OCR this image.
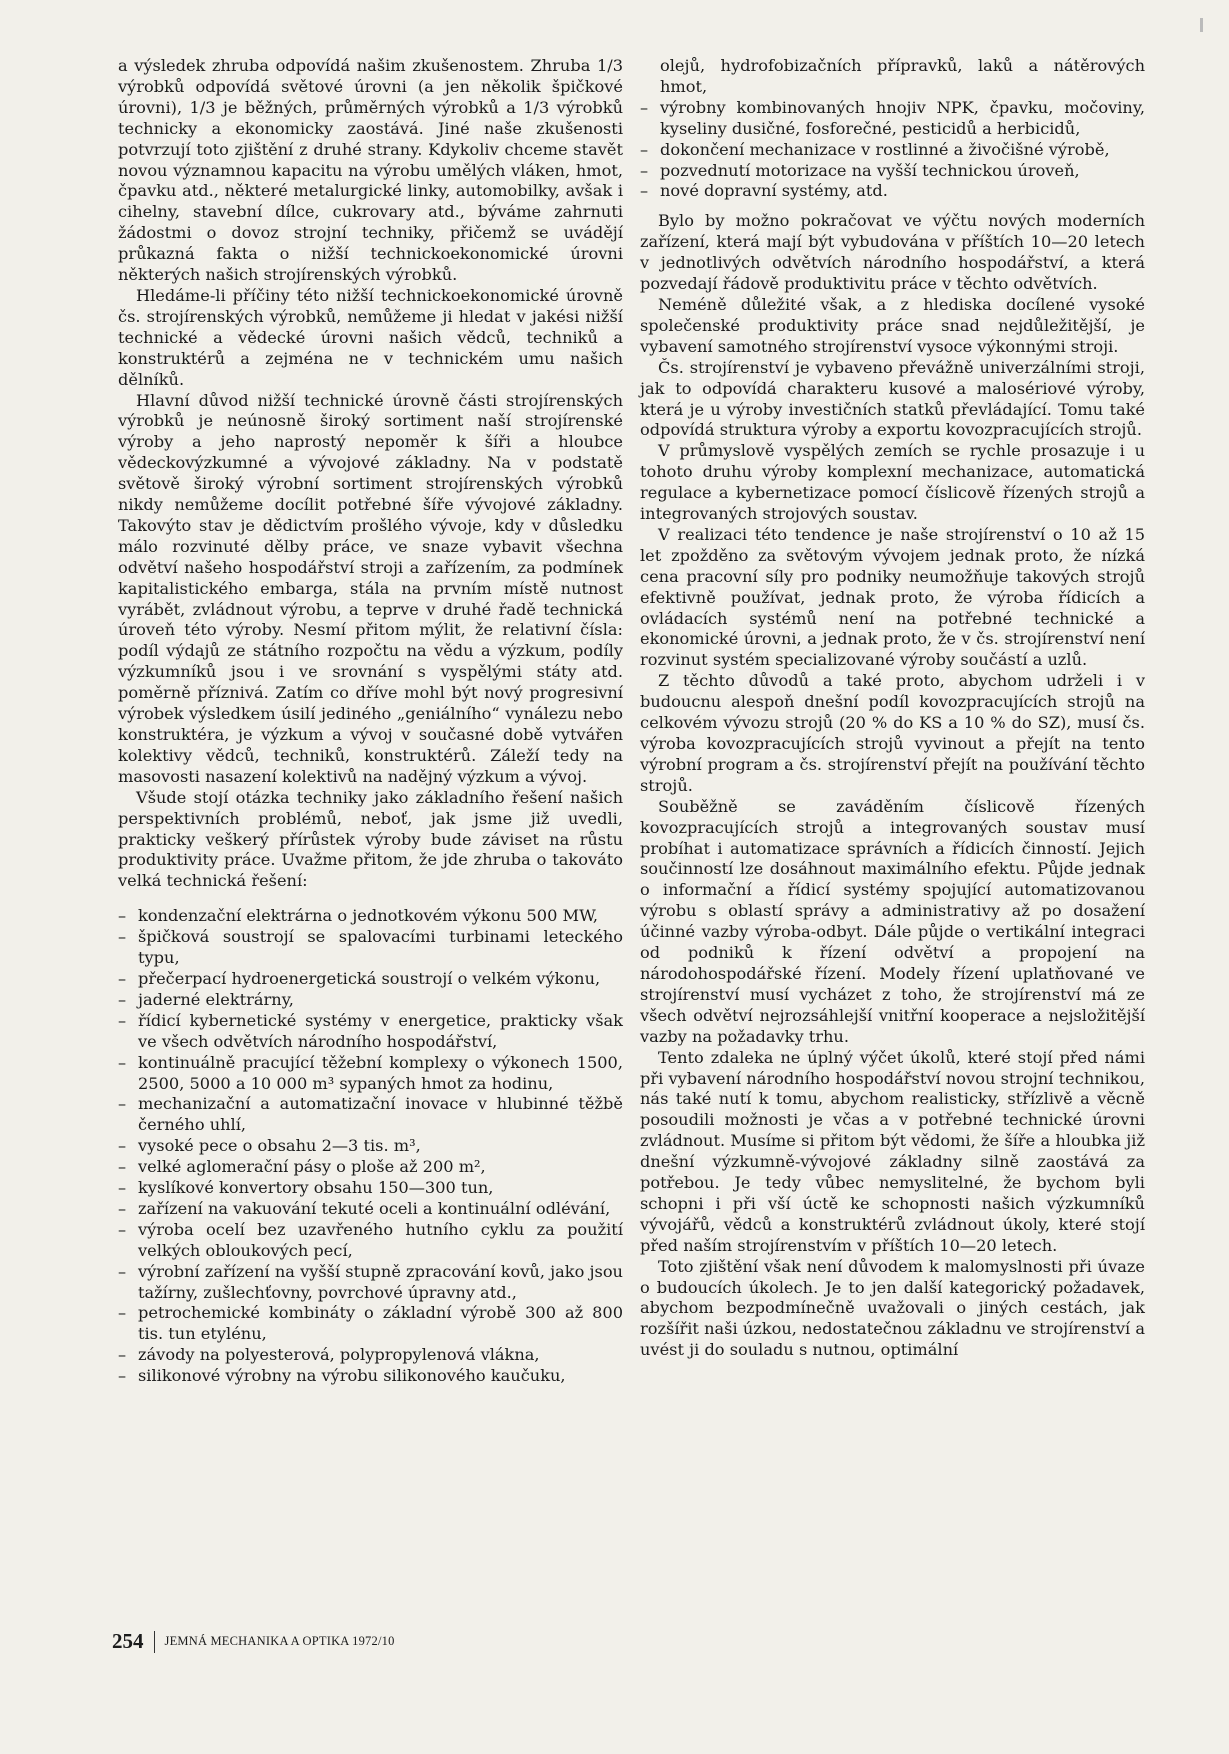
a výsledek zhruba odpovídá našim zkušenostem. Zhruba 1/3 výrobků odpovídá světové úrovni (a jen několik špičkové úrovni), 1/3 je běžných, průměrných výrobků a 1/3 výrobků technicky a ekonomicky zaostává. Jiné naše zkušenosti potvrzují toto zjištění z druhé strany. Kdykoliv chceme stavět novou významnou kapacitu na výrobu umělých vláken, hmot, čpavku atd., některé metalurgické linky, automobilky, avšak i cihelny, stavební dílce, cukrovary atd., býváme zahrnuti žádostmi o dovoz strojní techniky, přičemž se uvádějí průkazná fakta o nižší technickoekonomické úrovni některých našich strojírenských výrobků.

Hledáme-li příčiny této nižší technickoekonomické úrovně čs. strojírenských výrobků, nemůžeme ji hledat v jakési nižší technické a vědecké úrovni našich vědců, techniků a konstruktérů a zejména ne v technickém umu našich dělníků.

Hlavní důvod nižší technické úrovně části strojírenských výrobků je neúnosně široký sortiment naší strojírenské výroby a jeho naprostý nepoměr k šíři a hloubce vědeckovýzkumné a vývojové základny. Na v podstatě světově široký výrobní sortiment strojírenských výrobků nikdy nemůžeme docílit potřebné šíře vývojové základny. Takovýto stav je dědictvím prošlého vývoje, kdy v důsledku málo rozvinuté dělby práce, ve snaze vybavit všechna odvětví našeho hospodářství stroji a zařízením, za podmínek kapitalistického embarga, stála na prvním místě nutnost vyrábět, zvládnout výrobu, a teprve v druhé řadě technická úroveň této výroby. Nesmí přitom mýlit, že relativní čísla: podíl výdajů ze státního rozpočtu na vědu a výzkum, podíly výzkumníků jsou i ve srovnání s vyspělými státy atd. poměrně příznivá. Zatím co dříve mohl být nový progresivní výrobek výsledkem úsilí jediného „geniálního“ vynálezu nebo konstruktéra, je výzkum a vývoj v současné době vytvářen kolektivy vědců, techniků, konstruktérů. Záleží tedy na masovosti nasazení kolektivů na nadějný výzkum a vývoj.

Všude stojí otázka techniky jako základního řešení našich perspektivních problémů, neboť, jak jsme již uvedli, prakticky veškerý přírůstek výroby bude záviset na růstu produktivity práce. Uvažme přitom, že jde zhruba o takováto velká technická řešení:

– kondenzační elektrárna o jednotkovém výkonu 500 MW,
– špičková soustrojí se spalovacími turbinami leteckého typu,
– přečerpací hydroenergetická soustrojí o velkém výkonu,
– jaderné elektrárny,
– řídicí kybernetické systémy v energetice, prakticky však ve všech odvětvích národního hospodářství,
– kontinuálně pracující těžební komplexy o výkonech 1500, 2500, 5000 a 10 000 m³ sypaných hmot za hodinu,
– mechanizační a automatizační inovace v hlubinné těžbě černého uhlí,
– vysoké pece o obsahu 2—3 tis. m³,
– velké aglomerační pásy o ploše až 200 m²,
– kyslíkové konvertory obsahu 150—300 tun,
– zařízení na vakuování tekuté oceli a kontinuální odlévání,
– výroba ocelí bez uzavřeného hutního cyklu za použití velkých obloukových pecí,
– výrobní zařízení na vyšší stupně zpracování kovů, jako jsou tažírny, zušlechťovny, povrchové úpravny atd.,
– petrochemické kombináty o základní výrobě 300 až 800 tis. tun etylénu,
– závody na polyesterová, polypropylenová vlákna,
– silikonové výrobny na výrobu silikonového kaučuku,

olejů, hydrofobizačních přípravků, laků a nátěrových hmot,

– výrobny kombinovaných hnojiv NPK, čpavku, močoviny, kyseliny dusičné, fosforečné, pesticidů a herbicidů,
– dokončení mechanizace v rostlinné a živočišné výrobě,
– pozvednutí motorizace na vyšší technickou úroveň,
– nové dopravní systémy, atd.

Bylo by možno pokračovat ve výčtu nových moderních zařízení, která mají být vybudována v příštích 10—20 letech v jednotlivých odvětvích národního hospodářství, a která pozvedají řádově produktivitu práce v těchto odvětvích.

Neméně důležité však, a z hlediska docílené vysoké společenské produktivity práce snad nejdůležitější, je vybavení samotného strojírenství vysoce výkonnými stroji.

Čs. strojírenství je vybaveno převážně univerzálními stroji, jak to odpovídá charakteru kusové a malosériové výroby, která je u výroby investičních statků převládající. Tomu také odpovídá struktura výroby a exportu kovozpracujících strojů.

V průmyslově vyspělých zemích se rychle prosazuje i u tohoto druhu výroby komplexní mechanizace, automatická regulace a kybernetizace pomocí číslicově řízených strojů a integrovaných strojových soustav.

V realizaci této tendence je naše strojírenství o 10 až 15 let zpožděno za světovým vývojem jednak proto, že nízká cena pracovní síly pro podniky neumožňuje takových strojů efektivně používat, jednak proto, že výroba řídicích a ovládacích systémů není na potřebné technické a ekonomické úrovni, a jednak proto, že v čs. strojírenství není rozvinut systém specializované výroby součástí a uzlů.

Z těchto důvodů a také proto, abychom udrželi i v budoucnu alespoň dnešní podíl kovozpracujících strojů na celkovém vývozu strojů (20 % do KS a 10 % do SZ), musí čs. výroba kovozpracujících strojů vyvinout a přejít na tento výrobní program a čs. strojírenství přejít na používání těchto strojů.

Souběžně se zaváděním číslicově řízených kovozpracujících strojů a integrovaných soustav musí probíhat i automatizace správních a řídicích činností. Jejich součinností lze dosáhnout maximálního efektu. Půjde jednak o informační a řídicí systémy spojující automatizovanou výrobu s oblastí správy a administrativy až po dosažení účinné vazby výroba-odbyt. Dále půjde o vertikální integraci od podniků k řízení odvětví a propojení na národohospodářské řízení. Modely řízení uplatňované ve strojírenství musí vycházet z toho, že strojírenství má ze všech odvětví nejrozsáhlejší vnitřní kooperace a nejsložitější vazby na požadavky trhu.

Tento zdaleka ne úplný výčet úkolů, které stojí před námi při vybavení národního hospodářství novou strojní technikou, nás také nutí k tomu, abychom realisticky, střízlivě a věcně posoudili možnosti je včas a v potřebné technické úrovni zvládnout. Musíme si přitom být vědomi, že šíře a hloubka již dnešní výzkumně-vývojové základny silně zaostává za potřebou. Je tedy vůbec nemyslitelné, že bychom byli schopni i při vší úctě ke schopnosti našich výzkumníků vývojářů, vědců a konstruktérů zvládnout úkoly, které stojí před naším strojírenstvím v příštích 10—20 letech.

Toto zjištění však není důvodem k malomyslnosti při úvaze o budoucích úkolech. Je to jen další kategorický požadavek, abychom bezpodmínečně uvažovali o jiných cestách, jak rozšířit naši úzkou, nedostatečnou základnu ve strojírenství a uvést ji do souladu s nutnou, optimální

254 JEMNÁ MECHANIKA A OPTIKA 1972/10
